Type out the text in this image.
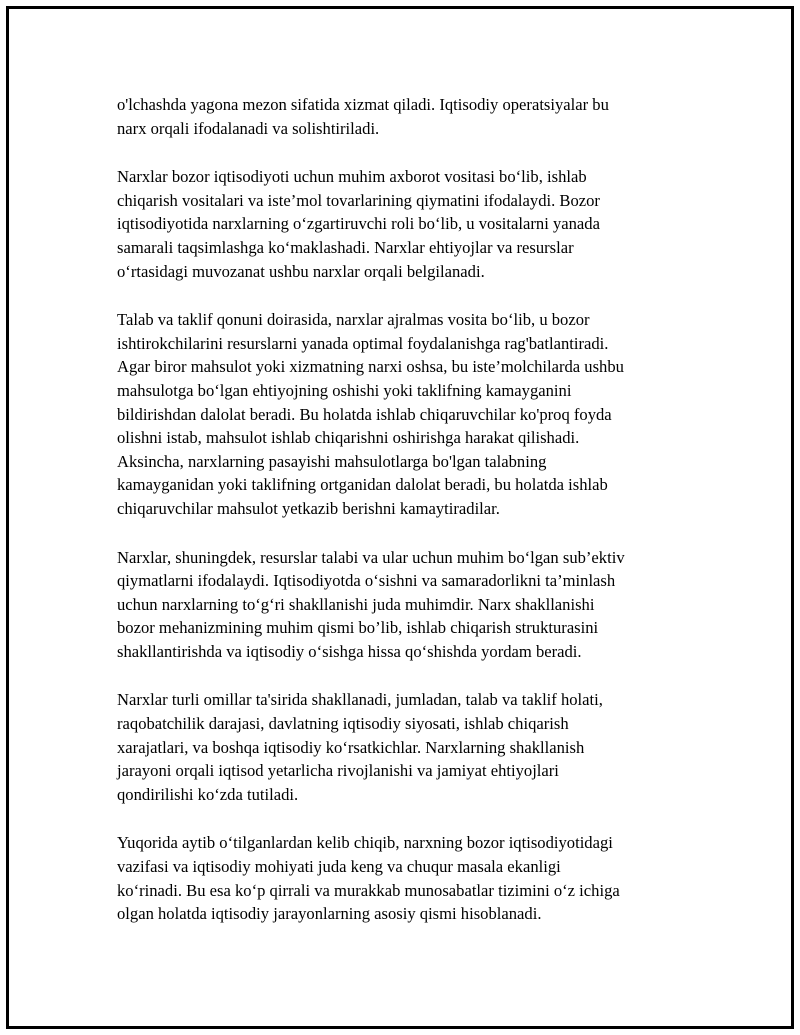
o'lchashda yagona mezon sifatida xizmat qiladi. Iqtisodiy operatsiyalar bu
narx orqali ifodalanadi va solishtiriladi.

Narxlar bozor iqtisodiyoti uchun muhim axborot vositasi bo‘lib, ishlab
chiqarish vositalari va iste’mol tovarlarining qiymatini ifodalaydi. Bozor
iqtisodiyotida narxlarning o‘zgartiruvchi roli bo‘lib, u vositalarni yanada
samarali taqsimlashga ko‘maklashadi. Narxlar ehtiyojlar va resurslar
o‘rtasidagi muvozanat ushbu narxlar orqali belgilanadi.

Talab va taklif qonuni doirasida, narxlar ajralmas vosita bo‘lib, u bozor
ishtirokchilarini resurslarni yanada optimal foydalanishga rag'batlantiradi.
Agar biror mahsulot yoki xizmatning narxi oshsa, bu iste’molchilarda ushbu
mahsulotga bo‘lgan ehtiyojning oshishi yoki taklifning kamayganini
bildirishdan dalolat beradi. Bu holatda ishlab chiqaruvchilar ko'proq foyda
olishni istab, mahsulot ishlab chiqarishni oshirishga harakat qilishadi.
Aksincha, narxlarning pasayishi mahsulotlarga bo'lgan talabning
kamayganidan yoki taklifning ortganidan dalolat beradi, bu holatda ishlab
chiqaruvchilar mahsulot yetkazib berishni kamaytiradilar.

Narxlar, shuningdek, resurslar talabi va ular uchun muhim bo‘lgan sub’ektiv
qiymatlarni ifodalaydi. Iqtisodiyotda o‘sishni va samaradorlikni ta’minlash
uchun narxlarning to‘g‘ri shakllanishi juda muhimdir. Narx shakllanishi
bozor mehanizmining muhim qismi bo’lib, ishlab chiqarish strukturasini
shakllantirishda va iqtisodiy o‘sishga hissa qo‘shishda yordam beradi.

Narxlar turli omillar ta'sirida shakllanadi, jumladan, talab va taklif holati,
raqobatchilik darajasi, davlatning iqtisodiy siyosati, ishlab chiqarish
xarajatlari, va boshqa iqtisodiy ko‘rsatkichlar. Narxlarning shakllanish
jarayoni orqali iqtisod yetarlicha rivojlanishi va jamiyat ehtiyojlari
qondirilishi ko‘zda tutiladi.

Yuqorida aytib o‘tilganlardan kelib chiqib, narxning bozor iqtisodiyotidagi
vazifasi va iqtisodiy mohiyati juda keng va chuqur masala ekanligi
ko‘rinadi. Bu esa ko‘p qirrali va murakkab munosabatlar tizimini o‘z ichiga
olgan holatda iqtisodiy jarayonlarning asosiy qismi hisoblanadi.
